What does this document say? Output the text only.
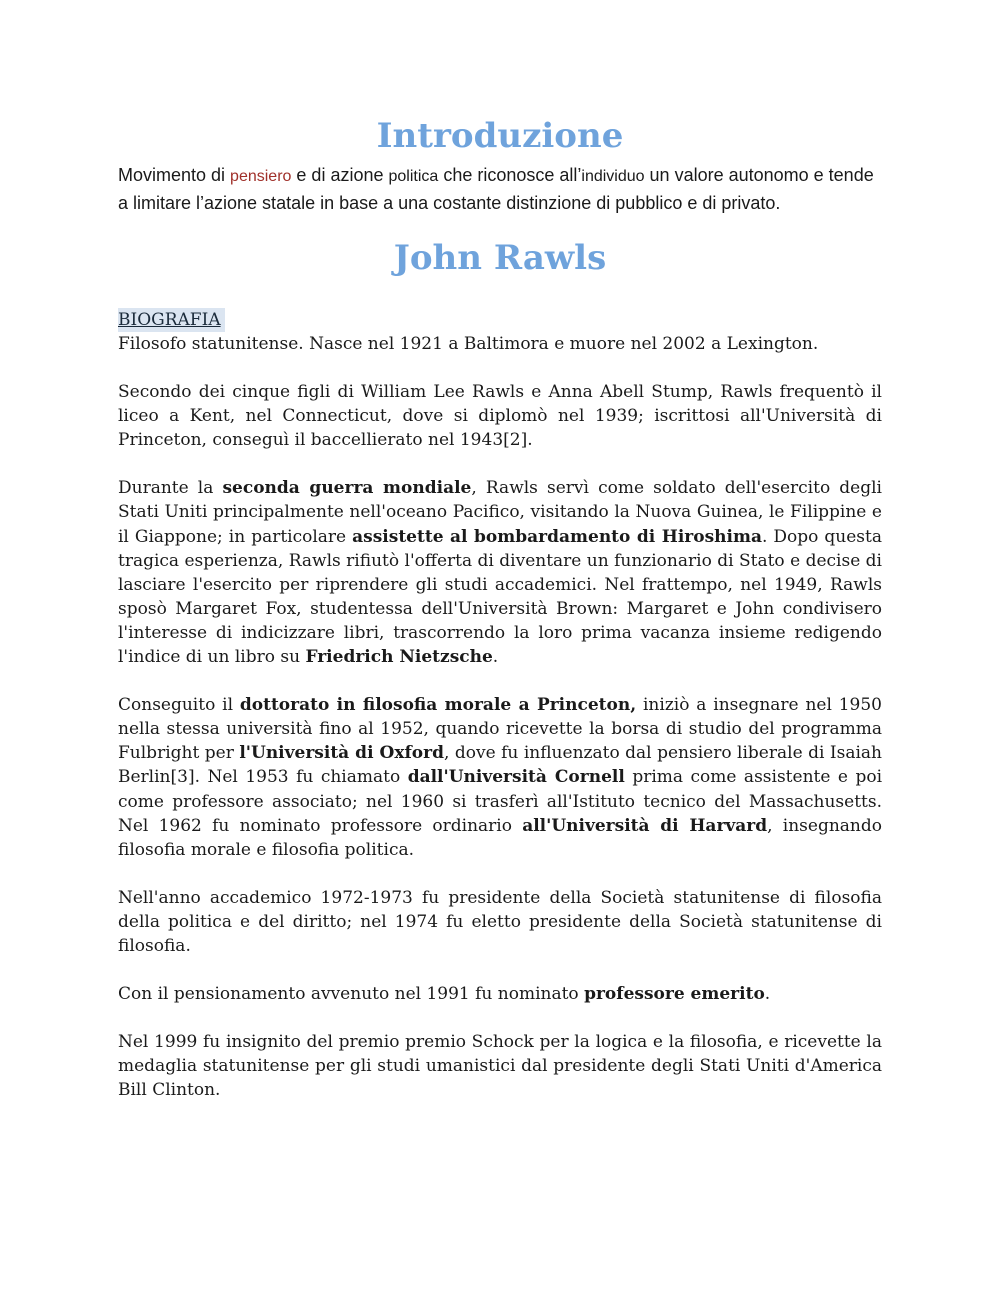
Introduzione

Movimento di pensiero e di azione politica che riconosce all’individuo un valore autonomo e tende a limitare l’azione statale in base a una costante distinzione di pubblico e di privato.

John Rawls
BIOGRAFIA

Filosofo statunitense. Nasce nel 1921 a Baltimora e muore nel 2002 a Lexington.

Secondo dei cinque figli di William Lee Rawls e Anna Abell Stump, Rawls frequentò il liceo a Kent, nel Connecticut, dove si diplomò nel 1939; iscrittosi all'Università di Princeton, conseguì il baccellierato nel 1943[2].

Durante la seconda guerra mondiale, Rawls servì come soldato dell'esercito degli Stati Uniti principalmente nell'oceano Pacifico, visitando la Nuova Guinea, le Filippine e il Giappone; in particolare assistette al bombardamento di Hiroshima. Dopo questa tragica esperienza, Rawls rifiutò l'offerta di diventare un funzionario di Stato e decise di lasciare l'esercito per riprendere gli studi accademici. Nel frattempo, nel 1949, Rawls sposò Margaret Fox, studentessa dell'Università Brown: Margaret e John condivisero l'interesse di indicizzare libri, trascorrendo la loro prima vacanza insieme redigendo l'indice di un libro su Friedrich Nietzsche.

Conseguito il dottorato in filosofia morale a Princeton, iniziò a insegnare nel 1950 nella stessa università fino al 1952, quando ricevette la borsa di studio del programma Fulbright per l'Università di Oxford, dove fu influenzato dal pensiero liberale di Isaiah Berlin[3]. Nel 1953 fu chiamato dall'Università Cornell prima come assistente e poi come professore associato; nel 1960 si trasferì all'Istituto tecnico del Massachusetts. Nel 1962 fu nominato professore ordinario all'Università di Harvard, insegnando filosofia morale e filosofia politica.

Nell'anno accademico 1972-1973 fu presidente della Società statunitense di filosofia della politica e del diritto; nel 1974 fu eletto presidente della Società statunitense di filosofia.

Con il pensionamento avvenuto nel 1991 fu nominato professore emerito.

Nel 1999 fu insignito del premio premio Schock per la logica e la filosofia, e ricevette la medaglia statunitense per gli studi umanistici dal presidente degli Stati Uniti d'America Bill Clinton.
